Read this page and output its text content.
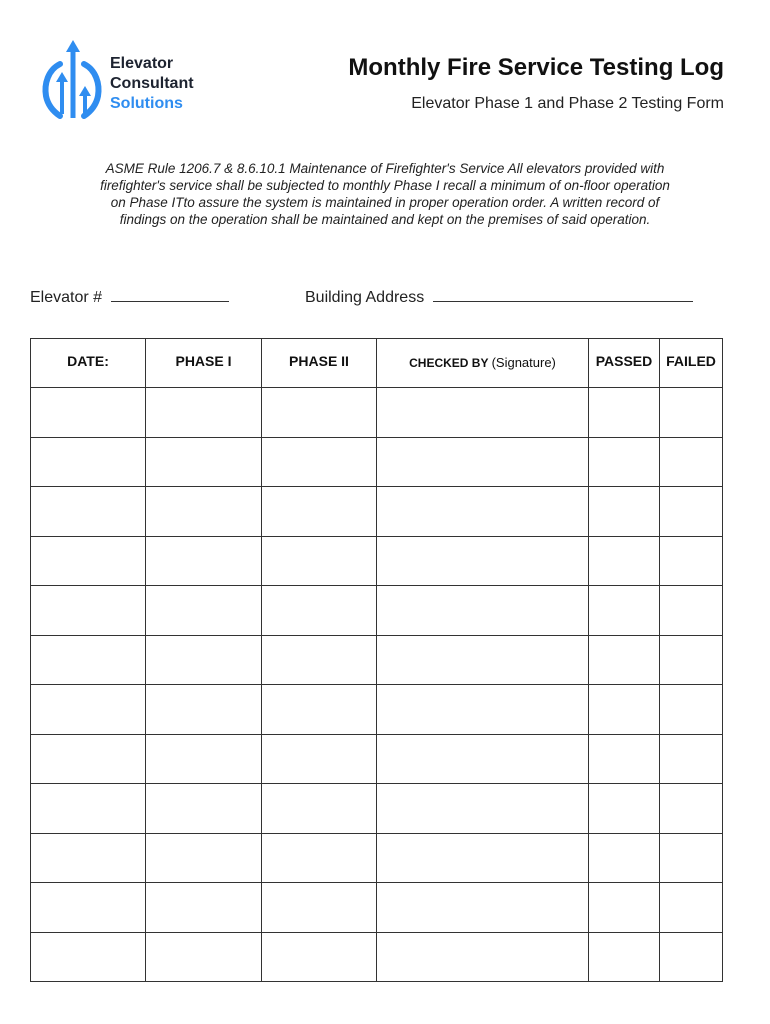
Elevator
Consultant
Solutions
Monthly Fire Service Testing Log
Elevator Phase 1 and Phase 2 Testing Form
ASME Rule 1206.7 & 8.6.10.1 Maintenance of Firefighter's Service All elevators provided with firefighter's service shall be subjected to monthly Phase I recall a minimum of on-floor operation on Phase ITto assure the system is maintained in proper operation order. A written record of findings on the operation shall be maintained and kept on the premises of said operation.
Elevator #	Building Address
DATE:	PHASE I	PHASE II	CHECKED BY (Signature)	PASSED	FAILED
